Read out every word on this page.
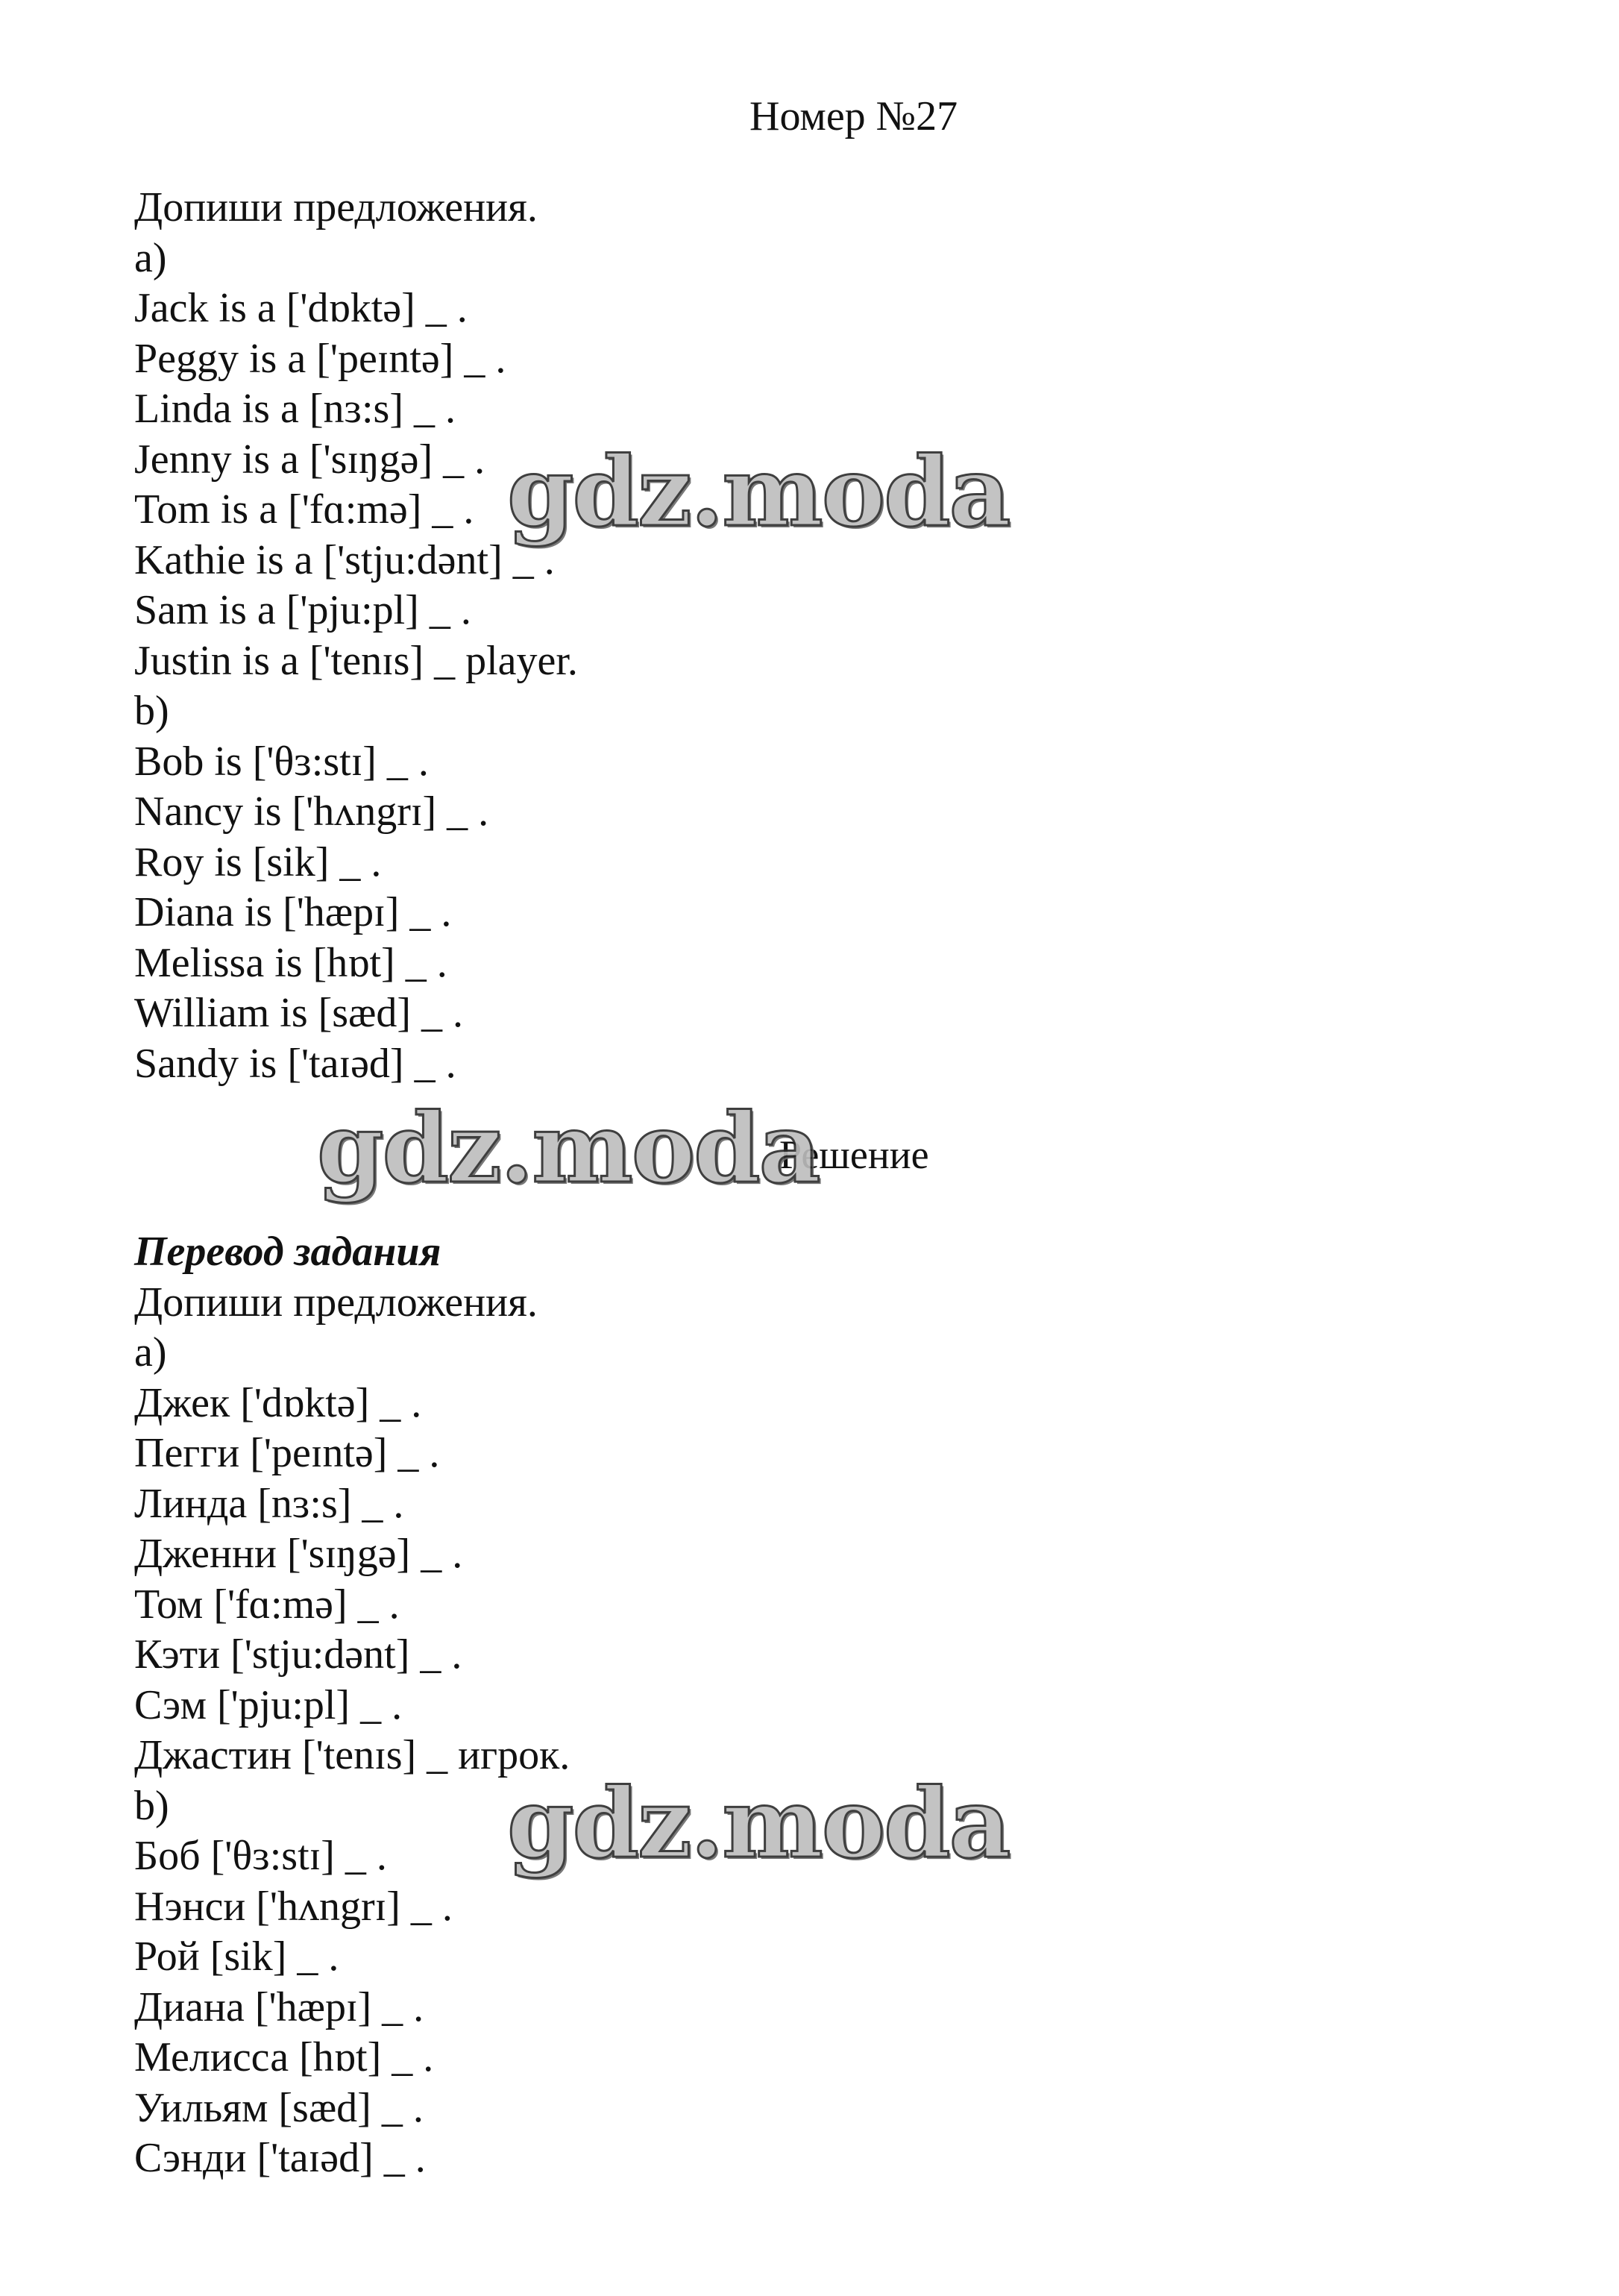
Номер №27
Допиши предложения.
a)
Jack is a ['dɒktə] _ .
Peggy is a ['peɪntə] _ .
Linda is a [nɜ:s] _ .
Jenny is a ['sɪŋgə] _ .
Tom is a ['fɑ:mə] _ .
Kathie is a ['stju:dənt] _ .
Sam is a ['pju:pl] _ .
Justin is a ['tenɪs] _ player.
b)
Bob is ['θɜ:stɪ] _ .
Nancy is ['hʌngrɪ] _ .
Roy is [sik] _ .
Diana is ['hæpɪ] _ .
Melissa is [hɒt] _ .
William is [sæd] _ .
Sandy is ['taɪəd] _ .
Решение
Перевод задания
Допиши предложения.
a)
Джек ['dɒktə] _ .
Пегги ['peɪntə] _ .
Линда [nɜ:s] _ .
Дженни ['sɪŋgə] _ .
Том ['fɑ:mə] _ .
Кэти ['stju:dənt] _ .
Сэм ['pju:pl] _ .
Джастин ['tenɪs] _ игрок.
b)
Боб ['θɜ:stɪ] _ .
Нэнси ['hʌngrɪ] _ .
Рой [sik] _ .
Диана ['hæpɪ] _ .
Мелисса [hɒt] _ .
Уильям [sæd] _ .
Сэнди ['taɪəd] _ .
gdz.moda
gdz.moda
gdz.moda
